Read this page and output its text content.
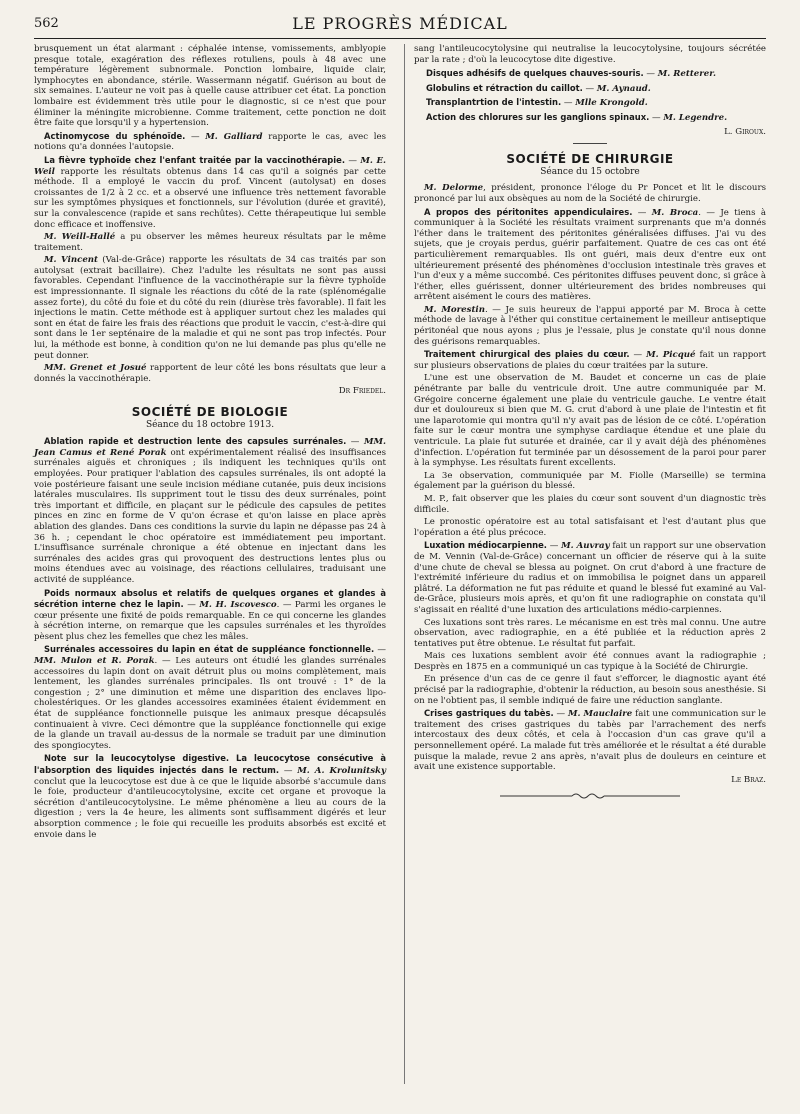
562	LE PROGRÈS MÉDICAL

brusquement un état alarmant : céphalée intense, vomissements, amblyopie presque totale, exagération des réflexes rotuliens, pouls à 48 avec une température légèrement subnormale. Ponction lombaire, liquide clair, lymphocytes en abondance, stérile. Wassermann négatif. Guérison au bout de six semaines. L'auteur ne voit pas à quelle cause attribuer cet état. La ponction lombaire est évidemment très utile pour le diagnostic, si ce n'est que pour éliminer la méningite microbienne. Comme traitement, cette ponction ne doit être faite que lorsqu'il y a hypertension.

Actinomycose du sphénoïde. — M. Galliard rapporte le cas, avec les notions qu'a données l'autopsie.

La fièvre typhoïde chez l'enfant traitée par la vaccinothérapie. — M. E. Weil rapporte les résultats obtenus dans 14 cas qu'il a soignés par cette méthode. Il a employé le vaccin du prof. Vincent (autolysat) en doses croissantes de 1/2 à 2 cc. et a observé une influence très nettement favorable sur les symptômes physiques et fonctionnels, sur l'évolution (durée et gravité), sur la convalescence (rapide et sans rechûtes). Cette thérapeutique lui semble donc efficace et inoffensive.

M. Weill-Hallé a pu observer les mêmes heureux résultats par le même traitement.

M. Vincent (Val-de-Grâce) rapporte les résultats de 34 cas traités par son autolysat (extrait bacillaire). Chez l'adulte les résultats ne sont pas aussi favorables. Cependant l'influence de la vaccinothérapie sur la fièvre typhoïde est impressionnante. Il signale les réactions du côté de la rate (splénomégalie assez forte), du côté du foie et du côté du rein (diurèse très favorable). Il fait les injections le matin. Cette méthode est à appliquer surtout chez les malades qui sont en état de faire les frais des réactions que produit le vaccin, c'est-à-dire qui sont dans le 1er septénaire de la maladie et qui ne sont pas trop infectés. Pour lui, la méthode est bonne, à condition qu'on ne lui demande pas plus qu'elle ne peut donner.

MM. Grenet et Josué rapportent de leur côté les bons résultats que leur a donnés la vaccinothérapie.

Dr Friedel.
SOCIÉTÉ DE BIOLOGIE
Séance du 18 octobre 1913.

Ablation rapide et destruction lente des capsules surrénales. — MM. Jean Camus et René Porak ont expérimentalement réalisé des insuffisances surrénales aiguës et chroniques ; ils indiquent les techniques qu'ils ont employées. Pour pratiquer l'ablation des capsules surrénales, ils ont adopté la voie postérieure faisant une seule incision médiane cutanée, puis deux incisions latérales musculaires. Ils suppriment tout le tissu des deux surrénales, point très important et difficile, en plaçant sur le pédicule des capsules de petites pinces en zinc en forme de V qu'on écrase et qu'on laisse en place après ablation des glandes. Dans ces conditions la survie du lapin ne dépasse pas 24 à 36 h. ; cependant le choc opératoire est immédiatement peu important. L'insuffisance surrénale chronique a été obtenue en injectant dans les surrénales des acides gras qui provoquent des destructions lentes plus ou moins étendues avec au voisinage, des réactions cellulaires, traduisant une activité de suppléance.

Poids normaux absolus et relatifs de quelques organes et glandes à sécrétion interne chez le lapin. — M. H. Iscovesco. — Parmi les organes le cœur présente une fixité de poids remarquable. En ce qui concerne les glandes à sécrétion interne, on remarque que les capsules surrénales et les thyroïdes pèsent plus chez les femelles que chez les mâles.

Surrénales accessoires du lapin en état de suppléance fonctionnelle. — MM. Mulon et R. Porak. — Les auteurs ont étudié les glandes surrénales accessoires du lapin dont on avait détruit plus ou moins complètement, mais lentement, les glandes surrénales principales. Ils ont trouvé : 1° de la congestion ; 2° une diminution et même une disparition des enclaves lipo-cholestériques. Or les glandes accessoires examinées étaient évidemment en état de suppléance fonctionnelle puisque les animaux presque décapsulés continuaient à vivre. Ceci démontre que la suppléance fonctionnelle qui exige de la glande un travail au-dessus de la normale se traduit par une diminution des spongiocytes.

Note sur la leucocytolyse digestive. La leucocytose consécutive à l'absorption des liquides injectés dans le rectum. — M. A. Krolunitsky conclut que la leucocytose est due à ce que le liquide absorbé s'accumule dans le foie, producteur d'antileucocytolysine, excite cet organe et provoque la sécrétion d'antileucocytolysine. Le même phénomène a lieu au cours de la digestion ; vers la 4e heure, les aliments sont suffisamment digérés et leur absorption commence ; le foie qui recueille les produits absorbés est excité et envoie dans le

sang l'antileucocytolysine qui neutralise la leucocytolysine, toujours sécrétée par la rate ; d'où la leucocytose dite digestive.

Disques adhésifs de quelques chauves-souris. — M. Retterer.

Globulins et rétraction du caillot. — M. Aynaud.

Transplantrtion de l'intestin. — Mlle Krongold.

Action des chlorures sur les ganglions spinaux. — M. Legendre.

L. Giroux.
SOCIÉTÉ DE CHIRURGIE
Séance du 15 octobre

M. Delorme, président, prononce l'éloge du Pr Poncet et lit le discours prononcé par lui aux obsèques au nom de la Société de chirurgie.

A propos des péritonites appendiculaires. — M. Broca. — Je tiens à communiquer à la Société les résultats vraiment surprenants que m'a donnés l'éther dans le traitement des péritonites généralisées diffuses. J'ai vu des sujets, que je croyais perdus, guérir parfaitement. Quatre de ces cas ont été particulièrement remarquables. Ils ont guéri, mais deux d'entre eux ont ultérieurement présenté des phénomènes d'occlusion intestinale très graves et l'un d'eux y a même succombé. Ces péritonites diffuses peuvent donc, si grâce à l'éther, elles guérissent, donner ultérieurement des brides nombreuses qui arrêtent aisément le cours des matières.

M. Morestin. — Je suis heureux de l'appui apporté par M. Broca à cette méthode de lavage à l'éther qui constitue certainement le meilleur antiseptique péritonéal que nous ayons ; plus je l'essaie, plus je constate qu'il nous donne des guérisons remarquables.

Traitement chirurgical des plaies du cœur. — M. Picqué fait un rapport sur plusieurs observations de plaies du cœur traitées par la suture.

L'une est une observation de M. Baudet et concerne un cas de plaie pénétrante par balle du ventricule droit. Une autre communiquée par M. Grégoire concerne également une plaie du ventricule gauche. Le ventre était dur et douloureux si bien que M. G. crut d'abord à une plaie de l'intestin et fit une laparotomie qui montra qu'il n'y avait pas de lésion de ce côté. L'opération faite sur le cœur montra une symphyse cardiaque étendue et une plaie du ventricule. La plaie fut suturée et drainée, car il y avait déjà des phénomènes d'infection. L'opération fut terminée par un désossement de la paroi pour parer à la symphyse. Les résultats furent excellents.

La 3e observation, communiquée par M. Fiolle (Marseille) se termina également par la guérison du blessé.

M. P., fait observer que les plaies du cœur sont souvent d'un diagnostic très difficile.

Le pronostic opératoire est au total satisfaisant et l'est d'autant plus que l'opération a été plus précoce.

Luxation médiocarpienne. — M. Auvray fait un rapport sur une observation de M. Vennin (Val-de-Grâce) concernant un officier de réserve qui à la suite d'une chute de cheval se blessa au poignet. On crut d'abord à une fracture de l'extrémité inférieure du radius et on immobilisa le poignet dans un appareil plâtré. La déformation ne fut pas réduite et quand le blessé fut examiné au Val-de-Grâce, plusieurs mois après, et qu'on fit une radiographie on constata qu'il s'agissait en réalité d'une luxation des articulations médio-carpiennes.

Ces luxations sont très rares. Le mécanisme en est très mal connu. Une autre observation, avec radiographie, en a été publiée et la réduction après 2 tentatives put être obtenue. Le résultat fut parfait.

Mais ces luxations semblent avoir été connues avant la radiographie ; Desprès en 1875 en a communiqué un cas typique à la Société de Chirurgie.

En présence d'un cas de ce genre il faut s'efforcer, le diagnostic ayant été précisé par la radiographie, d'obtenir la réduction, au besoin sous anesthésie. Si on ne l'obtient pas, il semble indiqué de faire une réduction sanglante.

Crises gastriques du tabès. — M. Mauclaire fait une communication sur le traitement des crises gastriques du tabès par l'arrachement des nerfs intercostaux des deux côtés, et cela à l'occasion d'un cas grave qu'il a personnellement opéré. La malade fut très améliorée et le résultat a été durable puisque la malade, revue 2 ans après, n'avait plus de douleurs en ceinture et avait une existence supportable.

Le Braz.
